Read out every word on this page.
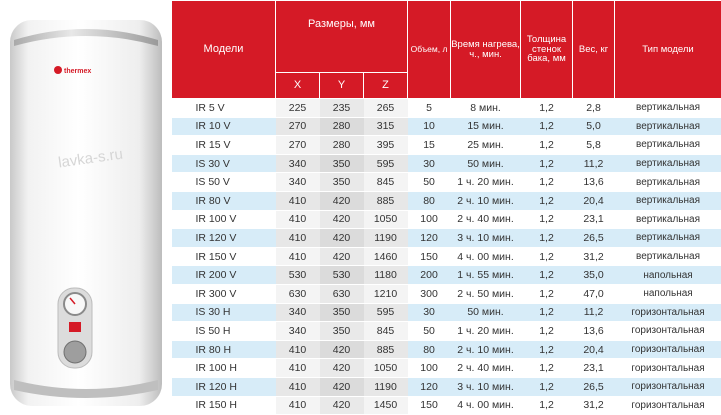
thermex
lavka-s.ru
Модели	Размеры, мм			Объем, л	Время нагрева, ч., мин.	Толщина стенок бака, мм	Вес, кг	Тип модели
	X	Y	Z					
IR 5 V	225	235	265	5	8 мин.	1,2	2,8	вертикальная
IR 10 V	270	280	315	10	15 мин.	1,2	5,0	вертикальная
IR 15 V	270	280	395	15	25 мин.	1,2	5,8	вертикальная
IS 30 V	340	350	595	30	50 мин.	1,2	11,2	вертикальная
IS 50 V	340	350	845	50	1 ч. 20 мин.	1,2	13,6	вертикальная
IR 80 V	410	420	885	80	2 ч. 10 мин.	1,2	20,4	вертикальная
IR 100 V	410	420	1050	100	2 ч. 40 мин.	1,2	23,1	вертикальная
IR 120 V	410	420	1190	120	3 ч. 10 мин.	1,2	26,5	вертикальная
IR 150 V	410	420	1460	150	4 ч. 00 мин.	1,2	31,2	вертикальная
IR 200 V	530	530	1180	200	1 ч. 55 мин.	1,2	35,0	напольная
IR 300 V	630	630	1210	300	2 ч. 50 мин.	1,2	47,0	напольная
IS 30 H	340	350	595	30	50 мин.	1,2	11,2	горизонтальная
IS 50 H	340	350	845	50	1 ч. 20 мин.	1,2	13,6	горизонтальная
IR 80 H	410	420	885	80	2 ч. 10 мин.	1,2	20,4	горизонтальная
IR 100 H	410	420	1050	100	2 ч. 40 мин.	1,2	23,1	горизонтальная
IR 120 H	410	420	1190	120	3 ч. 10 мин.	1,2	26,5	горизонтальная
IR 150 H	410	420	1450	150	4 ч. 00 мин.	1,2	31,2	горизонтальная
